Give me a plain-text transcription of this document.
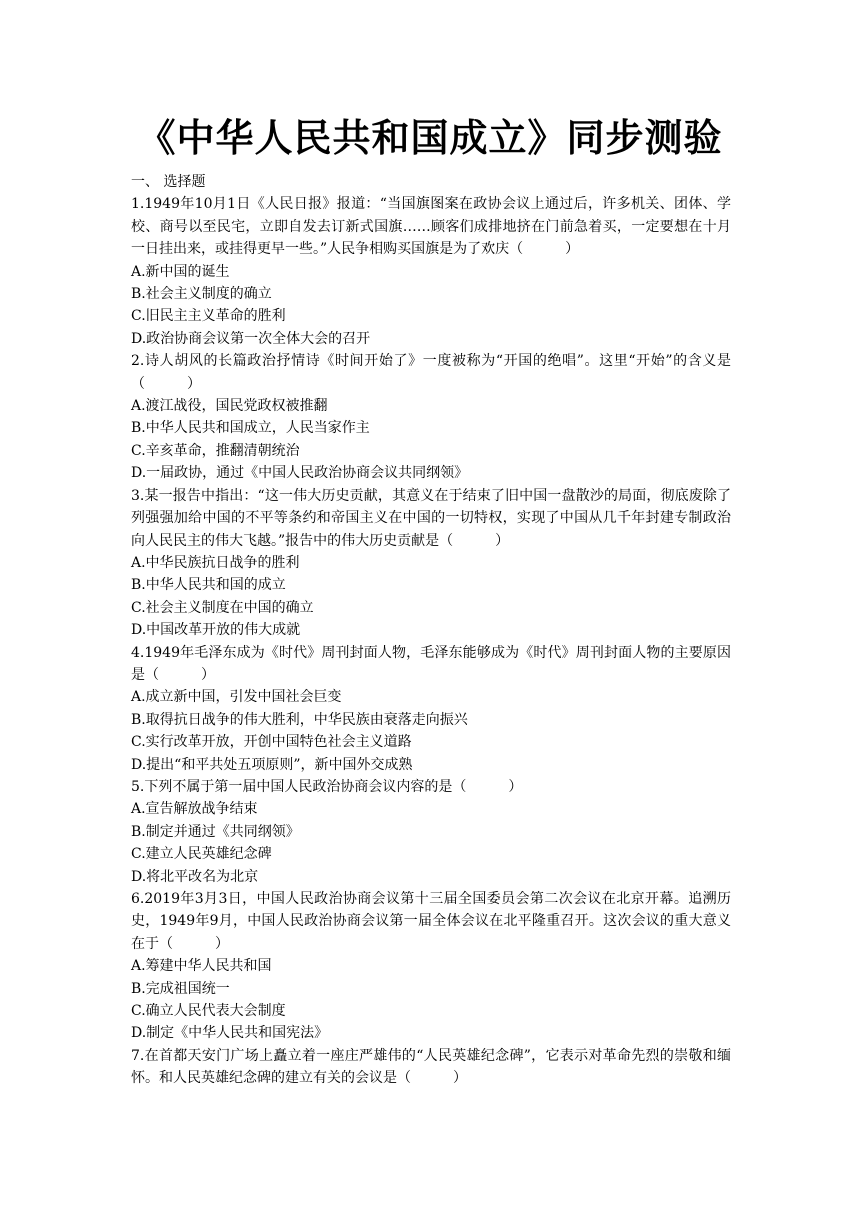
《中华人民共和国成立》同步测验

一、 选择题

1.1949年10月1日《人民日报》报道：“当国旗图案在政协会议上通过后，许多机关、团体、学校、商号以至民宅，立即自发去订新式国旗……顾客们成排地挤在门前急着买，一定要想在十月一日挂出来，或挂得更早一些。”人民争相购买国旗是为了欢庆（　　　）

A.新中国的诞生

B.社会主义制度的确立

C.旧民主主义革命的胜利

D.政治协商会议第一次全体大会的召开

2.诗人胡风的长篇政治抒情诗《时间开始了》一度被称为“开国的绝唱”。这里“开始”的含义是（　　　）

A.渡江战役，国民党政权被推翻

B.中华人民共和国成立，人民当家作主

C.辛亥革命，推翻清朝统治

D.一届政协，通过《中国人民政治协商会议共同纲领》

3.某一报告中指出：“这一伟大历史贡献，其意义在于结束了旧中国一盘散沙的局面，彻底废除了列强强加给中国的不平等条约和帝国主义在中国的一切特权，实现了中国从几千年封建专制政治向人民民主的伟大飞越。”报告中的伟大历史贡献是（　　　）

A.中华民族抗日战争的胜利

B.中华人民共和国的成立

C.社会主义制度在中国的确立

D.中国改革开放的伟大成就

4.1949年毛泽东成为《时代》周刊封面人物，毛泽东能够成为《时代》周刊封面人物的主要原因是（　　　）

A.成立新中国，引发中国社会巨变

B.取得抗日战争的伟大胜利，中华民族由衰落走向振兴

C.实行改革开放，开创中国特色社会主义道路

D.提出“和平共处五项原则”，新中国外交成熟

5.下列不属于第一届中国人民政治协商会议内容的是（　　　）

A.宣告解放战争结束

B.制定并通过《共同纲领》

C.建立人民英雄纪念碑

D.将北平改名为北京

6.2019年3月3日，中国人民政治协商会议第十三届全国委员会第二次会议在北京开幕。追溯历史，1949年9月，中国人民政治协商会议第一届全体会议在北平隆重召开。这次会议的重大意义在于（　　　）

A.筹建中华人民共和国

B.完成祖国统一

C.确立人民代表大会制度

D.制定《中华人民共和国宪法》

7.在首都天安门广场上矗立着一座庄严雄伟的“人民英雄纪念碑”，它表示对革命先烈的崇敬和缅怀。和人民英雄纪念碑的建立有关的会议是（　　　）
